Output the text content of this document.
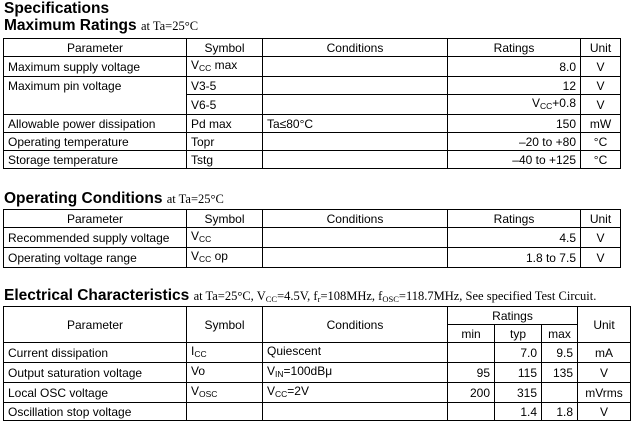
Specifications
Maximum Ratings at Ta=25°C
Parameter	Symbol	Conditions	Ratings	Unit
Maximum supply voltage	$V_{CC}$ max		8.0	V
Maximum pin voltage	V3-5		12	V
	V6-5		$V_{CC}+0.8$	V
Allowable power dissipation	Pd max	Ta≤80°C	150	mW
Operating temperature	Topr		–20 to +80	°C
Storage temperature	Tstg		–40 to +125	°C
Operating Conditions at Ta=25°C
Parameter	Symbol	Conditions	Ratings	Unit
Recommended supply voltage	$V_{CC}$		4.5	V
Operating voltage range	$V_{CC}$ op		1.8 to 7.5	V
Electrical Characteristics at Ta=25°C, $V_{CC}=4.5V$, $f_r=108MHz$, $f_{OSC}=118.7MHz$, See specified Test Circuit.
Parameter	Symbol	Conditions	Ratings			Unit
			min	typ	max	
Current dissipation	$I_{CC}$	Quiescent		7.0	9.5	mA
Output saturation voltage	Vo	$V_{IN}=100dB\mu$	95	115	135	V
Local OSC voltage	$V_{OSC}$	$V_{CC}=2V$	200	315		mVrms
Oscillation stop voltage				1.4	1.8	V
